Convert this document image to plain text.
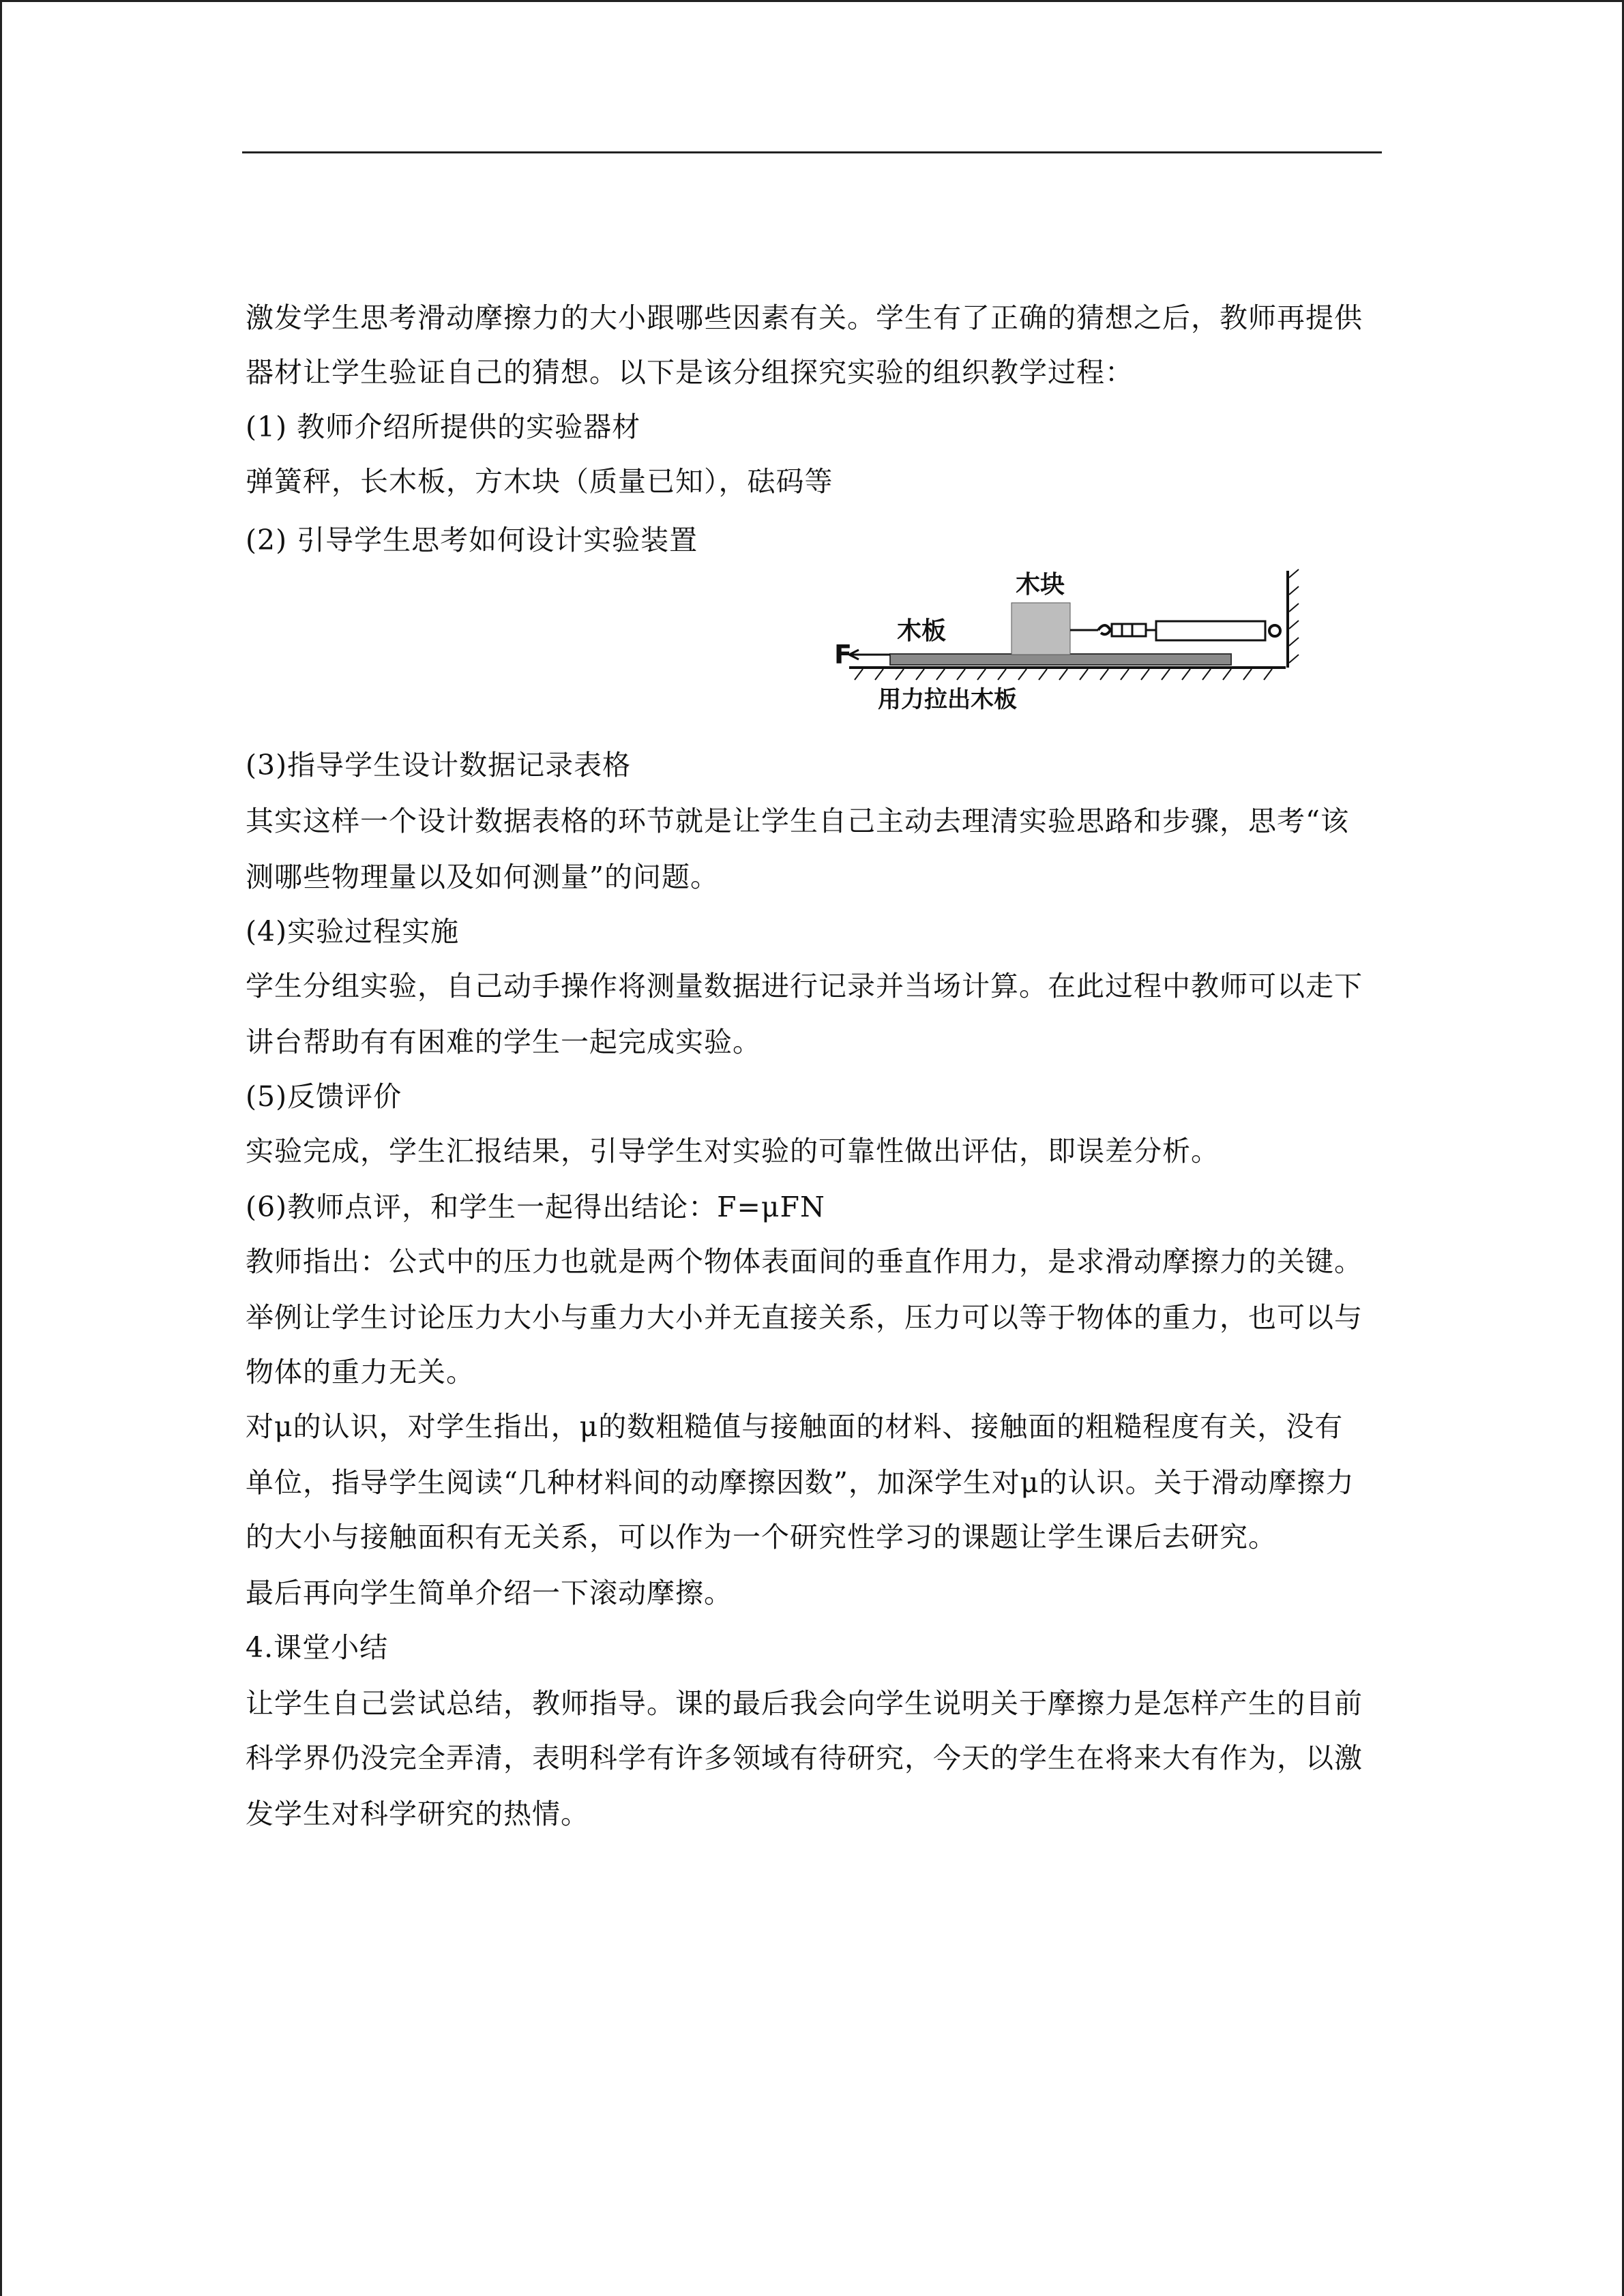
激发学生思考滑动摩擦力的大小跟哪些因素有关。学生有了正确的猜想之后，教师再提供
器材让学生验证自己的猜想。以下是该分组探究实验的组织教学过程：
(1) 教师介绍所提供的实验器材
弹簧秤，长木板，方木块（质量已知），砝码等
(2) 引导学生思考如何设计实验装置
木块
木板
F
用力拉出木板
(3)指导学生设计数据记录表格
其实这样一个设计数据表格的环节就是让学生自己主动去理清实验思路和步骤，思考“该
测哪些物理量以及如何测量”的问题。
(4)实验过程实施
学生分组实验，自己动手操作将测量数据进行记录并当场计算。在此过程中教师可以走下
讲台帮助有有困难的学生一起完成实验。
(5)反馈评价
实验完成，学生汇报结果，引导学生对实验的可靠性做出评估，即误差分析。
(6)教师点评，和学生一起得出结论：F=μFN
教师指出：公式中的压力也就是两个物体表面间的垂直作用力，是求滑动摩擦力的关键。
举例让学生讨论压力大小与重力大小并无直接关系，压力可以等于物体的重力，也可以与
物体的重力无关。
对μ的认识，对学生指出，μ的数粗糙值与接触面的材料、接触面的粗糙程度有关，没有
单位，指导学生阅读“几种材料间的动摩擦因数”，加深学生对μ的认识。关于滑动摩擦力
的大小与接触面积有无关系，可以作为一个研究性学习的课题让学生课后去研究。
最后再向学生简单介绍一下滚动摩擦。
4.课堂小结
让学生自己尝试总结，教师指导。课的最后我会向学生说明关于摩擦力是怎样产生的目前
科学界仍没完全弄清，表明科学有许多领域有待研究，今天的学生在将来大有作为，以激
发学生对科学研究的热情。
